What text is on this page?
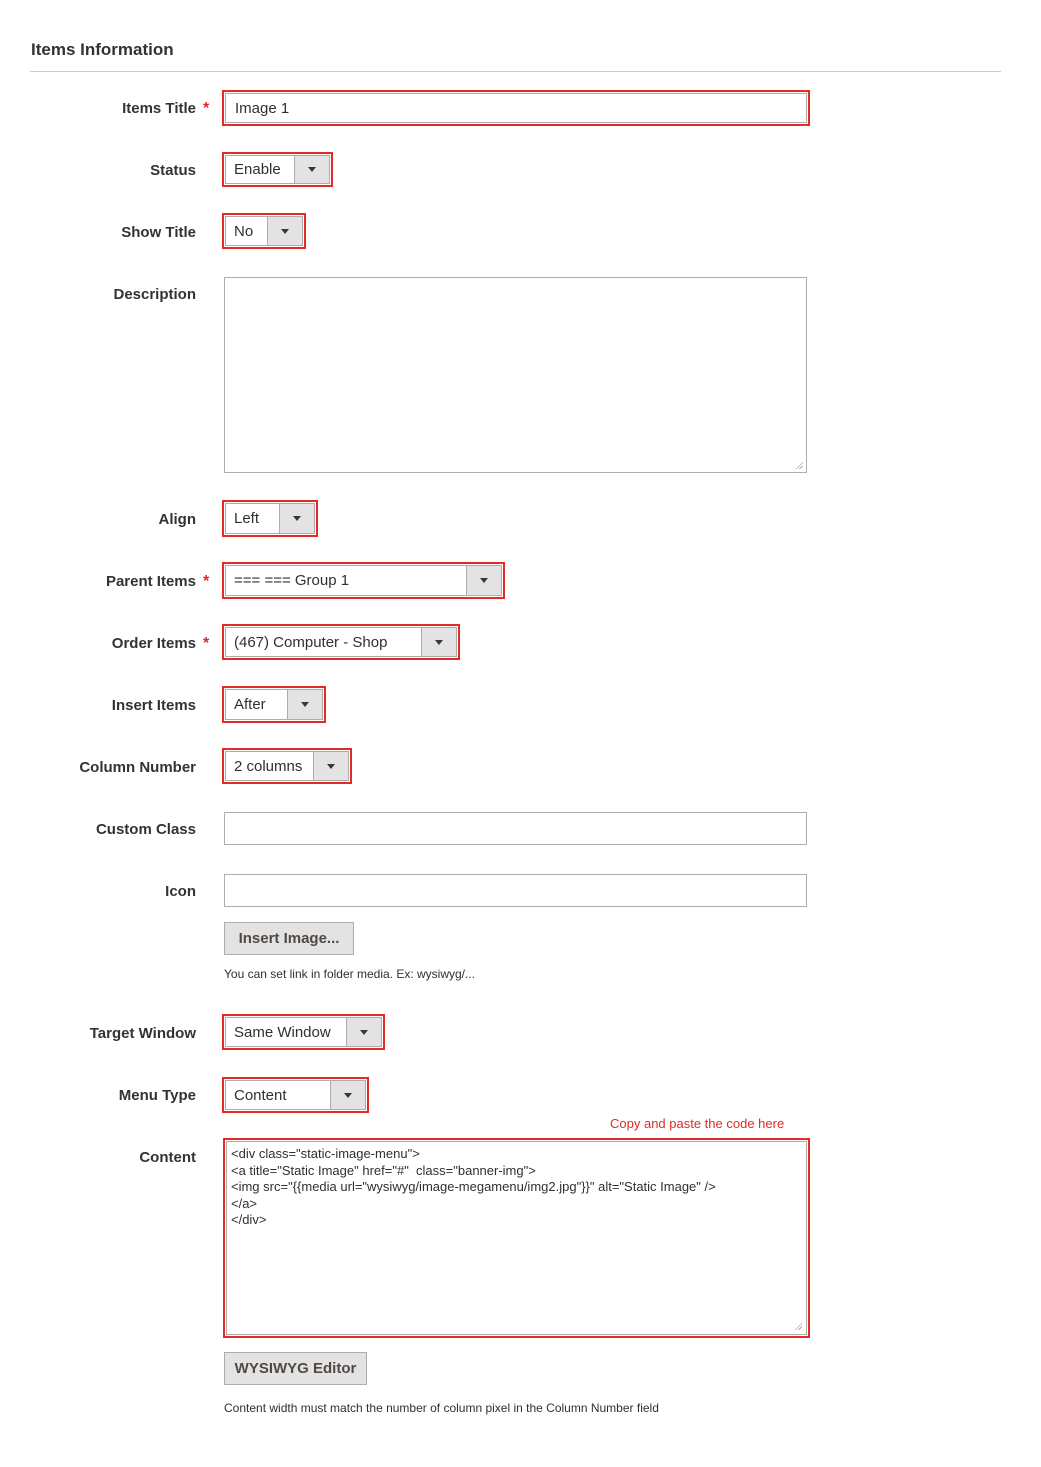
Items Information
Items Title *	Image 1
Status	Enable
Show Title	No
Description
Align	Left
Parent Items *	=== === Group 1
Order Items *	(467) Computer - Shop
Insert Items	After
Column Number	2 columns
Custom Class
Icon
Insert Image...
You can set link in folder media. Ex: wysiwyg/...
Target Window	Same Window
Menu Type	Content
Copy and paste the code here
Content	<div class="static-image-menu">
<a title="Static Image" href="#"  class="banner-img">
<img src="{{media url="wysiwyg/image-megamenu/img2.jpg"}}" alt="Static Image" />
</a>
</div>
WYSIWYG Editor
Content width must match the number of column pixel in the Column Number field
